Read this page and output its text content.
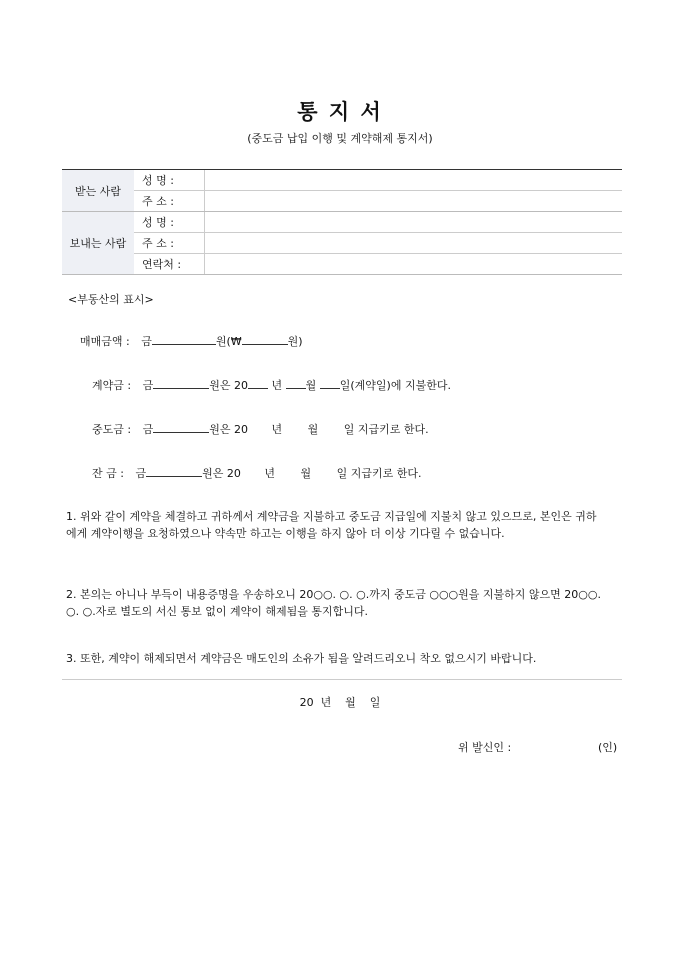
통 지 서
(중도금 납입 이행 및 계약해제 통지서)
받는 사람	성 명 :	
	주 소 :	
보내는 사람	성 명 :	
	주 소 :	
	연락처 :	
<부동산의 표시>
매매금액 : 금	원(₩	원)
계약금 : 금	원은 20 년 월 일(계약일)에 지불한다.
중도금 : 금	원은 20 년 월 일 지급키로 한다.
잔 금 : 금	원은 20 년 월 일 지급키로 한다.
1. 위와 같이 계약을 체결하고 귀하께서 계약금을 지불하고 중도금 지급일에 지불치 않고 있으므로, 본인은 귀하에게 계약이행을 요청하였으나 약속만 하고는 이행을 하지 않아 더 이상 기다릴 수 없습니다.
2. 본의는 아니나 부득이 내용증명을 우송하오니 20○○. ○. ○.까지 중도금 ○○○원을 지불하지 않으면 20○○. ○. ○.자로 별도의 서신 통보 없이 계약이 해제됨을 통지합니다.
3. 또한, 계약이 해제되면서 계약금은 매도인의 소유가 됨을 알려드리오니 착오 없으시기 바랍니다.
20  년    월    일
위 발신인 :	(인)
